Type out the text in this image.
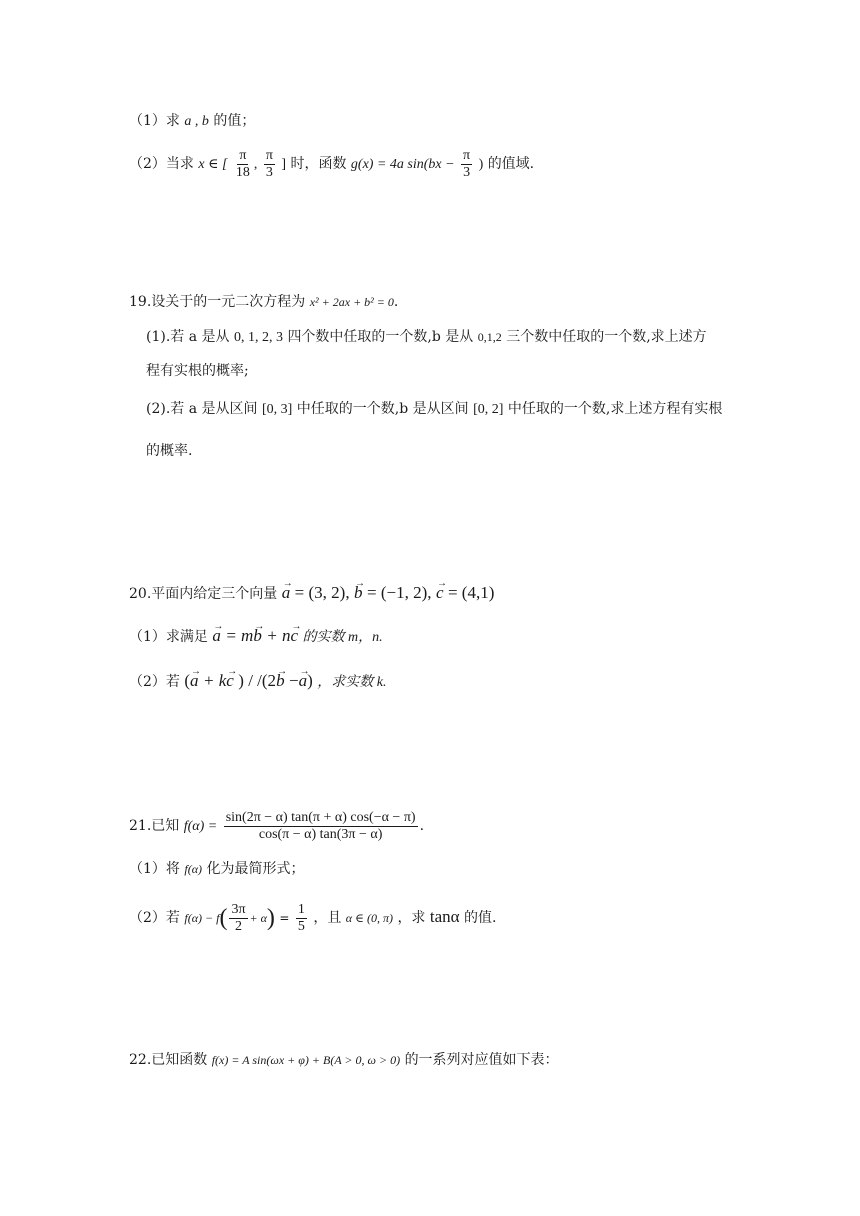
（1）求 a , b 的值；
（2）当求 x ∈ [ $\frac{\pi}{18}$ , $\frac{\pi}{3}$ ] 时，函数 g(x) = 4a $\sin(bx - \frac{\pi}{3}$ ) 的值域.
19.设关于的一元二次方程为 x² + 2ax + b² = 0.
(1).若 a 是从 0, 1, 2, 3 四个数中任取的一个数,b 是从 0,1,2 三个数中任取的一个数,求上述方
程有实根的概率;
(2).若 a 是从区间 [0, 3] 中任取的一个数,b 是从区间 [0, 2] 中任取的一个数,求上述方程有实根
的概率.
20.平面内给定三个向量 → a = (3, 2), → b = (−1, 2), → c = (4,1)
（1）求满足 → a = m→ b + n→ c 的实数 m，n.
（2）若 (→ a + k→ c ) / /(2→ b −→ a) ，求实数 k.
21.已知 $f(\alpha) = \frac{\sin(2\pi - \alpha) \tan(\pi + \alpha) \cos(-\alpha - \pi)}{\cos(\pi - \alpha) \tan(3\pi - \alpha)}$ .
（1）将 f(α) 化为最简形式；
（2）若 $f(\alpha) - f( \frac{3\pi}{2} + \alpha) = \frac{1}{5}$ ，且 α ∈ (0, π) ，求 tanα 的值.
22.已知函数 f(x) = A sin(ωx + φ) + B(A > 0, ω > 0) 的一系列对应值如下表：
